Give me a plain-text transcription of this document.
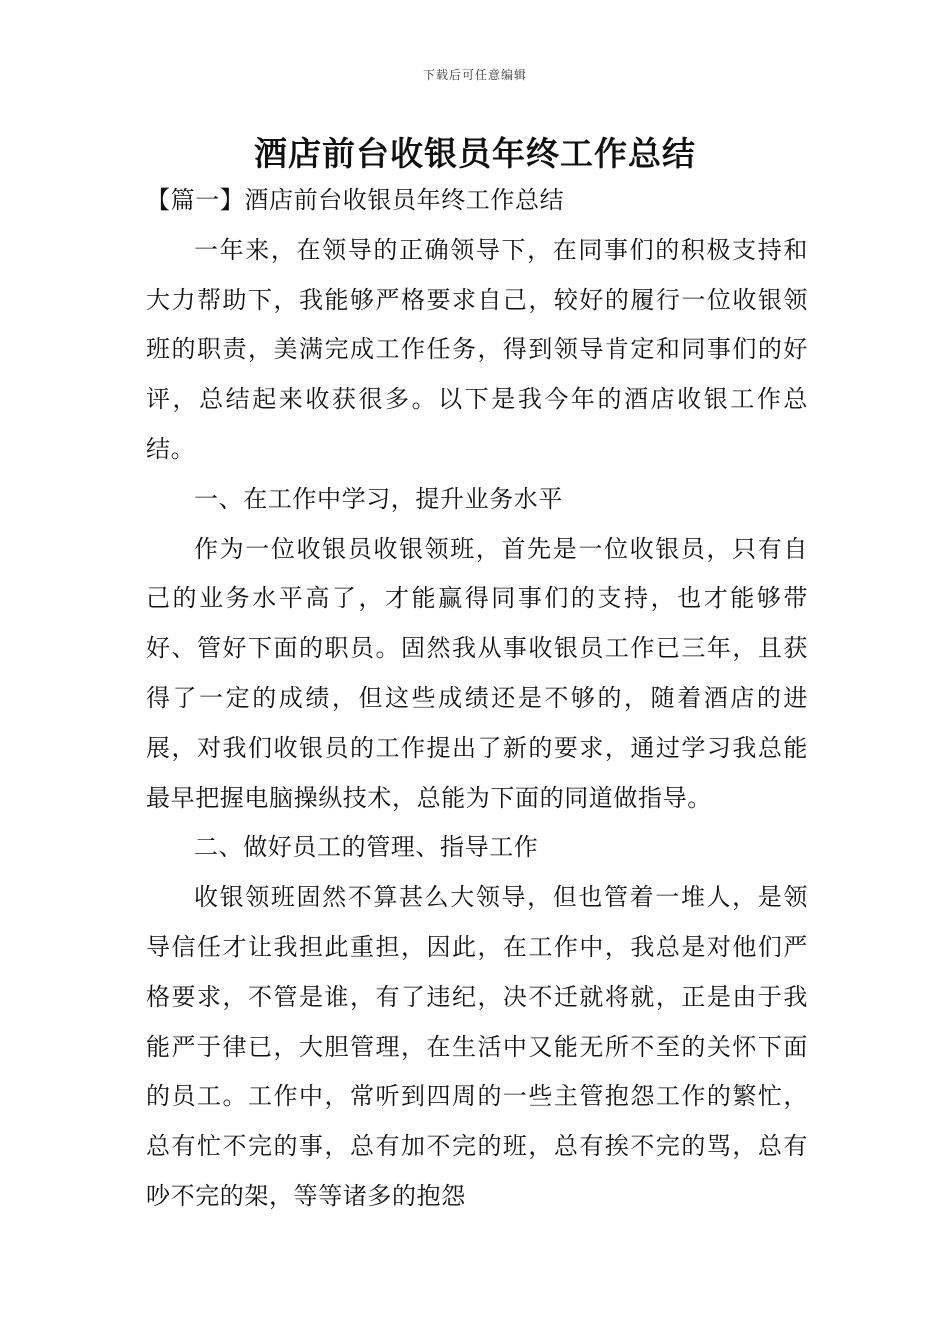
下载后可任意编辑
酒店前台收银员年终工作总结

【篇一】酒店前台收银员年终工作总结

一年来，在领导的正确领导下，在同事们的积极支持和大力帮助下，我能够严格要求自己，较好的履行一位收银领班的职责，美满完成工作任务，得到领导肯定和同事们的好评，总结起来收获很多。以下是我今年的酒店收银工作总结。

一、在工作中学习，提升业务水平

作为一位收银员收银领班，首先是一位收银员，只有自己的业务水平高了，才能赢得同事们的支持，也才能够带好、管好下面的职员。固然我从事收银员工作已三年，且获得了一定的成绩，但这些成绩还是不够的，随着酒店的进展，对我们收银员的工作提出了新的要求，通过学习我总能最早把握电脑操纵技术，总能为下面的同道做指导。

二、做好员工的管理、指导工作

收银领班固然不算甚么大领导，但也管着一堆人，是领导信任才让我担此重担，因此，在工作中，我总是对他们严格要求，不管是谁，有了违纪，决不迁就将就，正是由于我能严于律已，大胆管理，在生活中又能无所不至的关怀下面的员工。工作中，常听到四周的一些主管抱怨工作的繁忙，总有忙不完的事，总有加不完的班，总有挨不完的骂，总有吵不完的架，等等诸多的抱怨
